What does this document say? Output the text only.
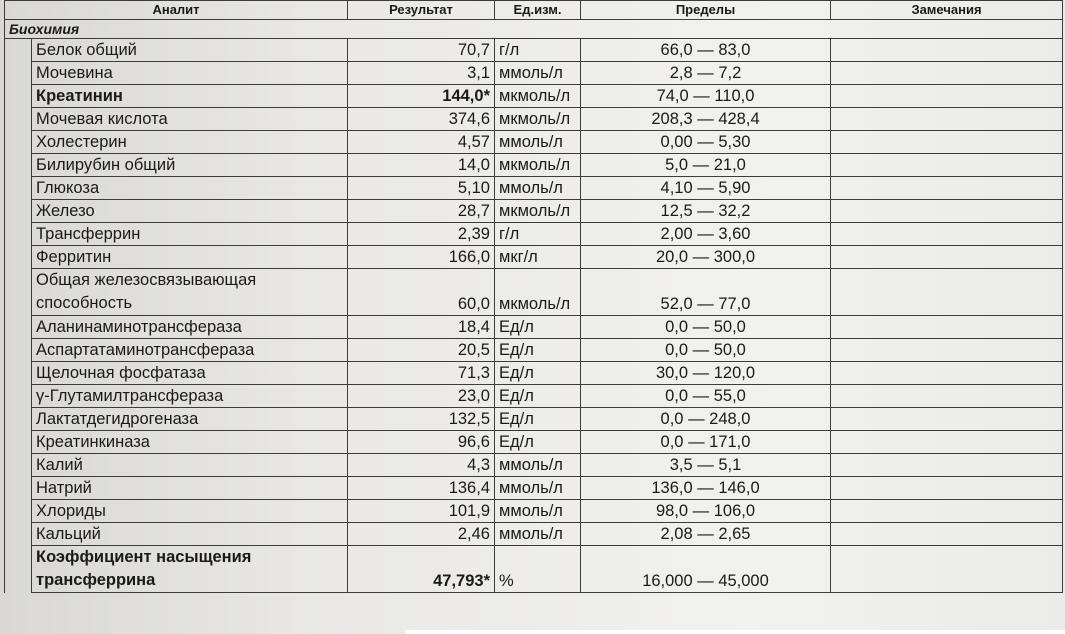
Аналит		Результат	Ед.изм.	Пределы	Замечания
Биохимия					
	Белок общий	70,7	г/л	66,0 — 83,0	
	Мочевина	3,1	ммоль/л	2,8 — 7,2	
	Креатинин	144,0*	мкмоль/л	74,0 — 110,0	
	Мочевая кислота	374,6	мкмоль/л	208,3 — 428,4	
	Холестерин	4,57	ммоль/л	0,00 — 5,30	
	Билирубин общий	14,0	мкмоль/л	5,0 — 21,0	
	Глюкоза	5,10	ммоль/л	4,10 — 5,90	
	Железо	28,7	мкмоль/л	12,5 — 32,2	
	Трансферрин	2,39	г/л	2,00 — 3,60	
	Ферритин	166,0	мкг/л	20,0 — 300,0	
	Общая железосвязывающая способность	60,0	мкмоль/л	52,0 — 77,0	
	Аланинаминотрансфераза	18,4	Ед/л	0,0 — 50,0	
	Аспартатаминотрансфераза	20,5	Ед/л	0,0 — 50,0	
	Щелочная фосфатаза	71,3	Ед/л	30,0 — 120,0	
	γ-Глутамилтрансфераза	23,0	Ед/л	0,0 — 55,0	
	Лактатдегидрогеназа	132,5	Ед/л	0,0 — 248,0	
	Креатинкиназа	96,6	Ед/л	0,0 — 171,0	
	Калий	4,3	ммоль/л	3,5 — 5,1	
	Натрий	136,4	ммоль/л	136,0 — 146,0	
	Хлориды	101,9	ммоль/л	98,0 — 106,0	
	Кальций	2,46	ммоль/л	2,08 — 2,65	
	Коэффициент насыщения трансферрина	47,793*	%	16,000 — 45,000	
